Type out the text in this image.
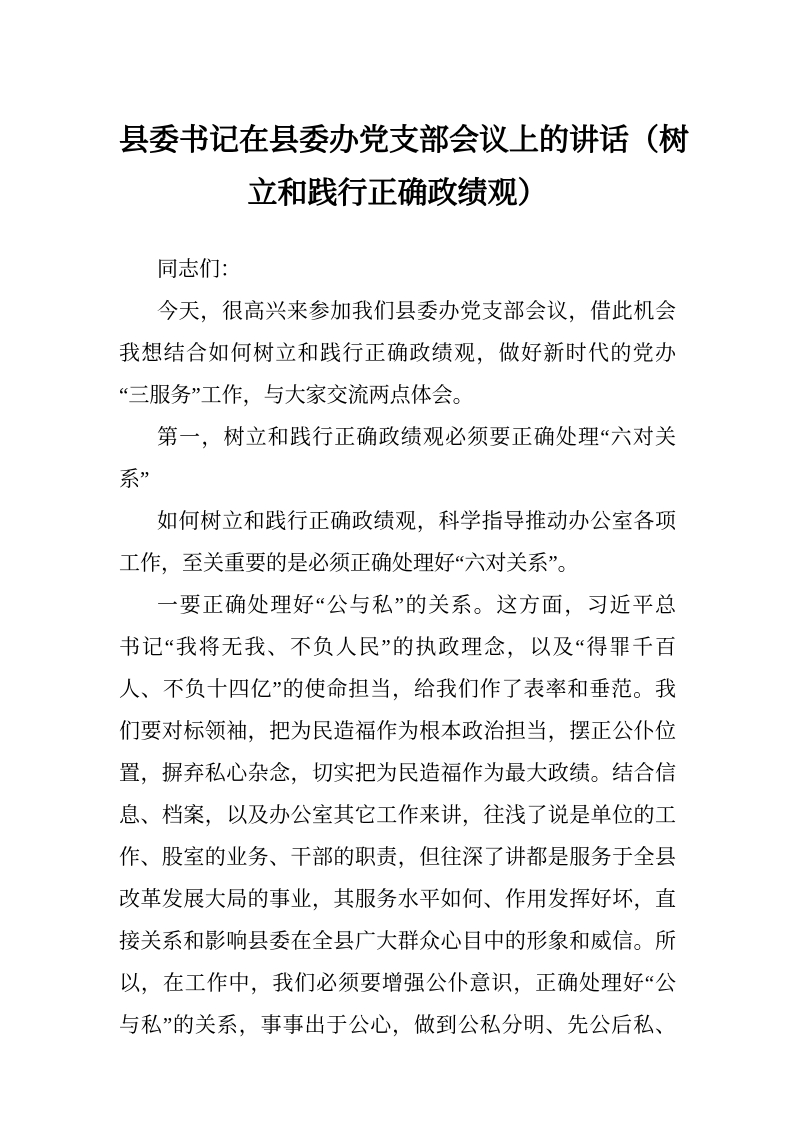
县委书记在县委办党支部会议上的讲话（树
立和践行正确政绩观）
同志们：
今天，很高兴来参加我们县委办党支部会议，借此机会
我想结合如何树立和践行正确政绩观，做好新时代的党办
“三服务”工作，与大家交流两点体会。
第一，树立和践行正确政绩观必须要正确处理“六对关
系”
如何树立和践行正确政绩观，科学指导推动办公室各项
工作，至关重要的是必须正确处理好“六对关系”。
一要正确处理好“公与私”的关系。这方面，习近平总
书记“我将无我、不负人民”的执政理念，以及“得罪千百
人、不负十四亿”的使命担当，给我们作了表率和垂范。我
们要对标领袖，把为民造福作为根本政治担当，摆正公仆位
置，摒弃私心杂念，切实把为民造福作为最大政绩。结合信
息、档案，以及办公室其它工作来讲，往浅了说是单位的工
作、股室的业务、干部的职责，但往深了讲都是服务于全县
改革发展大局的事业，其服务水平如何、作用发挥好坏，直
接关系和影响县委在全县广大群众心目中的形象和威信。所
以，在工作中，我们必须要增强公仆意识，正确处理好“公
与私”的关系，事事出于公心，做到公私分明、先公后私、
